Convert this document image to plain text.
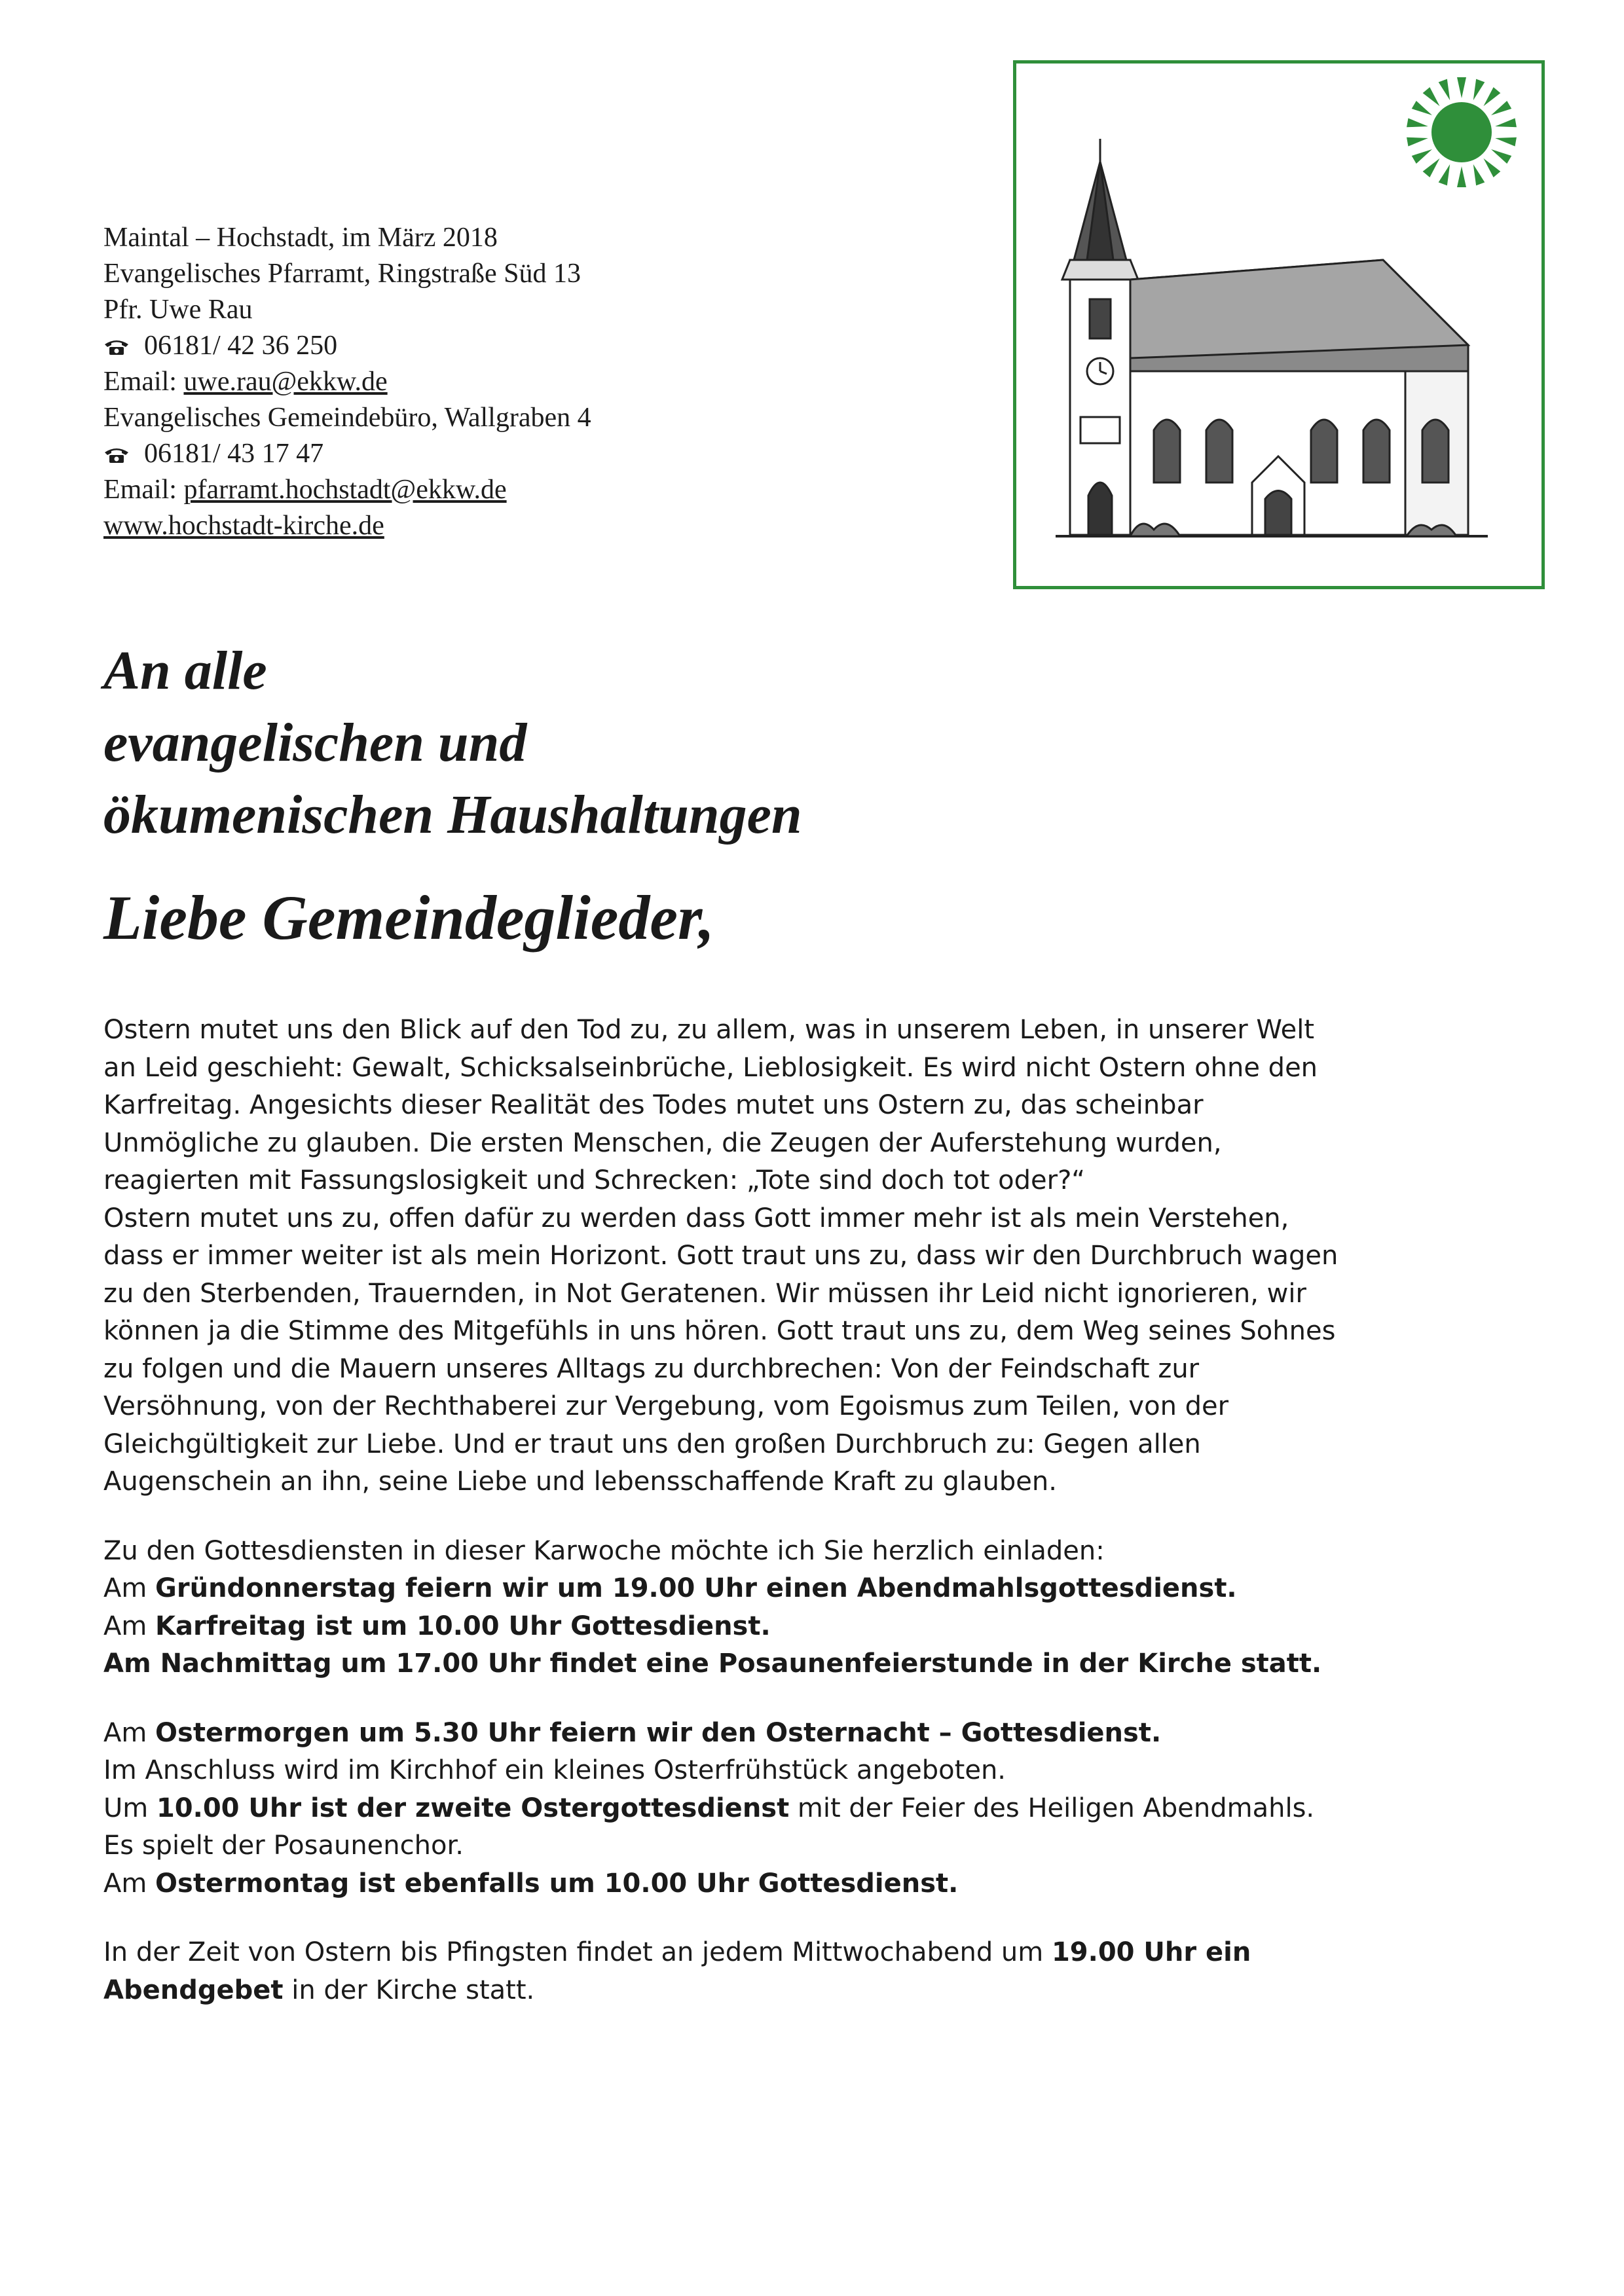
Maintal – Hochstadt, im März 2018
Evangelisches Pfarramt, Ringstraße Süd 13
Pfr. Uwe Rau
06181/ 42 36 250
Email: uwe.rau@ekkw.de
Evangelisches Gemeindebüro, Wallgraben 4
06181/ 43 17 47
Email: pfarramt.hochstadt@ekkw.de
www.hochstadt-kirche.de
An alle
evangelischen und
ökumenischen Haushaltungen
Liebe Gemeindeglieder,
Ostern mutet uns den Blick auf den Tod zu, zu allem, was in unserem Leben, in unserer Welt
an Leid geschieht: Gewalt, Schicksalseinbrüche, Lieblosigkeit. Es wird nicht Ostern ohne den
Karfreitag. Angesichts dieser Realität des Todes mutet uns Ostern zu, das scheinbar
Unmögliche zu glauben. Die ersten Menschen, die Zeugen der Auferstehung wurden,
reagierten mit Fassungslosigkeit und Schrecken: „Tote sind doch tot oder?“
Ostern mutet uns zu, offen dafür zu werden dass Gott immer mehr ist als mein Verstehen,
dass er immer weiter ist als mein Horizont. Gott traut uns zu, dass wir den Durchbruch wagen
zu den Sterbenden, Trauernden, in Not Geratenen. Wir müssen ihr Leid nicht ignorieren, wir
können ja die Stimme des Mitgefühls in uns hören. Gott traut uns zu, dem Weg seines Sohnes
zu folgen und die Mauern unseres Alltags zu durchbrechen: Von der Feindschaft zur
Versöhnung, von der Rechthaberei zur Vergebung, vom Egoismus zum Teilen, von der
Gleichgültigkeit zur Liebe. Und er traut uns den großen Durchbruch zu: Gegen allen
Augenschein an ihn, seine Liebe und lebensschaffende Kraft zu glauben.
Zu den Gottesdiensten in dieser Karwoche möchte ich Sie herzlich einladen:
Am Gründonnerstag feiern wir um 19.00 Uhr einen Abendmahlsgottesdienst.
Am Karfreitag ist um 10.00 Uhr Gottesdienst.
Am Nachmittag um 17.00 Uhr findet eine Posaunenfeierstunde in der Kirche statt.
Am Ostermorgen um 5.30 Uhr feiern wir den Osternacht – Gottesdienst.
Im Anschluss wird im Kirchhof ein kleines Osterfrühstück angeboten.
Um 10.00 Uhr ist der zweite Ostergottesdienst mit der Feier des Heiligen Abendmahls.
Es spielt der Posaunenchor.
Am Ostermontag ist ebenfalls um 10.00 Uhr Gottesdienst.
In der Zeit von Ostern bis Pfingsten findet an jedem Mittwochabend um 19.00 Uhr ein
Abendgebet in der Kirche statt.
